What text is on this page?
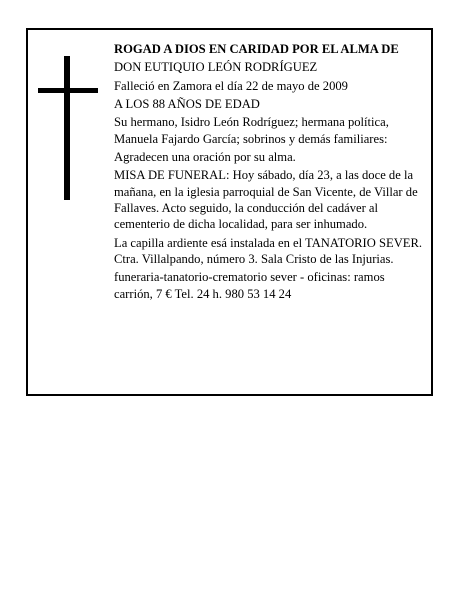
ROGAD A DIOS EN CARIDAD POR EL ALMA DE

DON EUTIQUIO LEÓN RODRÍGUEZ

Falleció en Zamora el día 22 de mayo de 2009

A LOS 88 AÑOS DE EDAD

Su hermano, Isidro León Rodríguez; hermana política, Manuela Fajardo García; sobrinos y demás familiares:

Agradecen una oración por su alma.

MISA DE FUNERAL: Hoy sábado, día 23, a las doce de la mañana, en la iglesia parroquial de San Vicente, de Villar de Fallaves. Acto seguido, la conducción del cadáver al cementerio de dicha localidad, para ser inhumado.

La capilla ardiente esá instalada en el TANATORIO SEVER. Ctra. Villalpando, número 3. Sala Cristo de las Injurias.

funeraria-tanatorio-crematorio sever - oficinas: ramos carrión, 7 € Tel. 24 h. 980 53 14 24
